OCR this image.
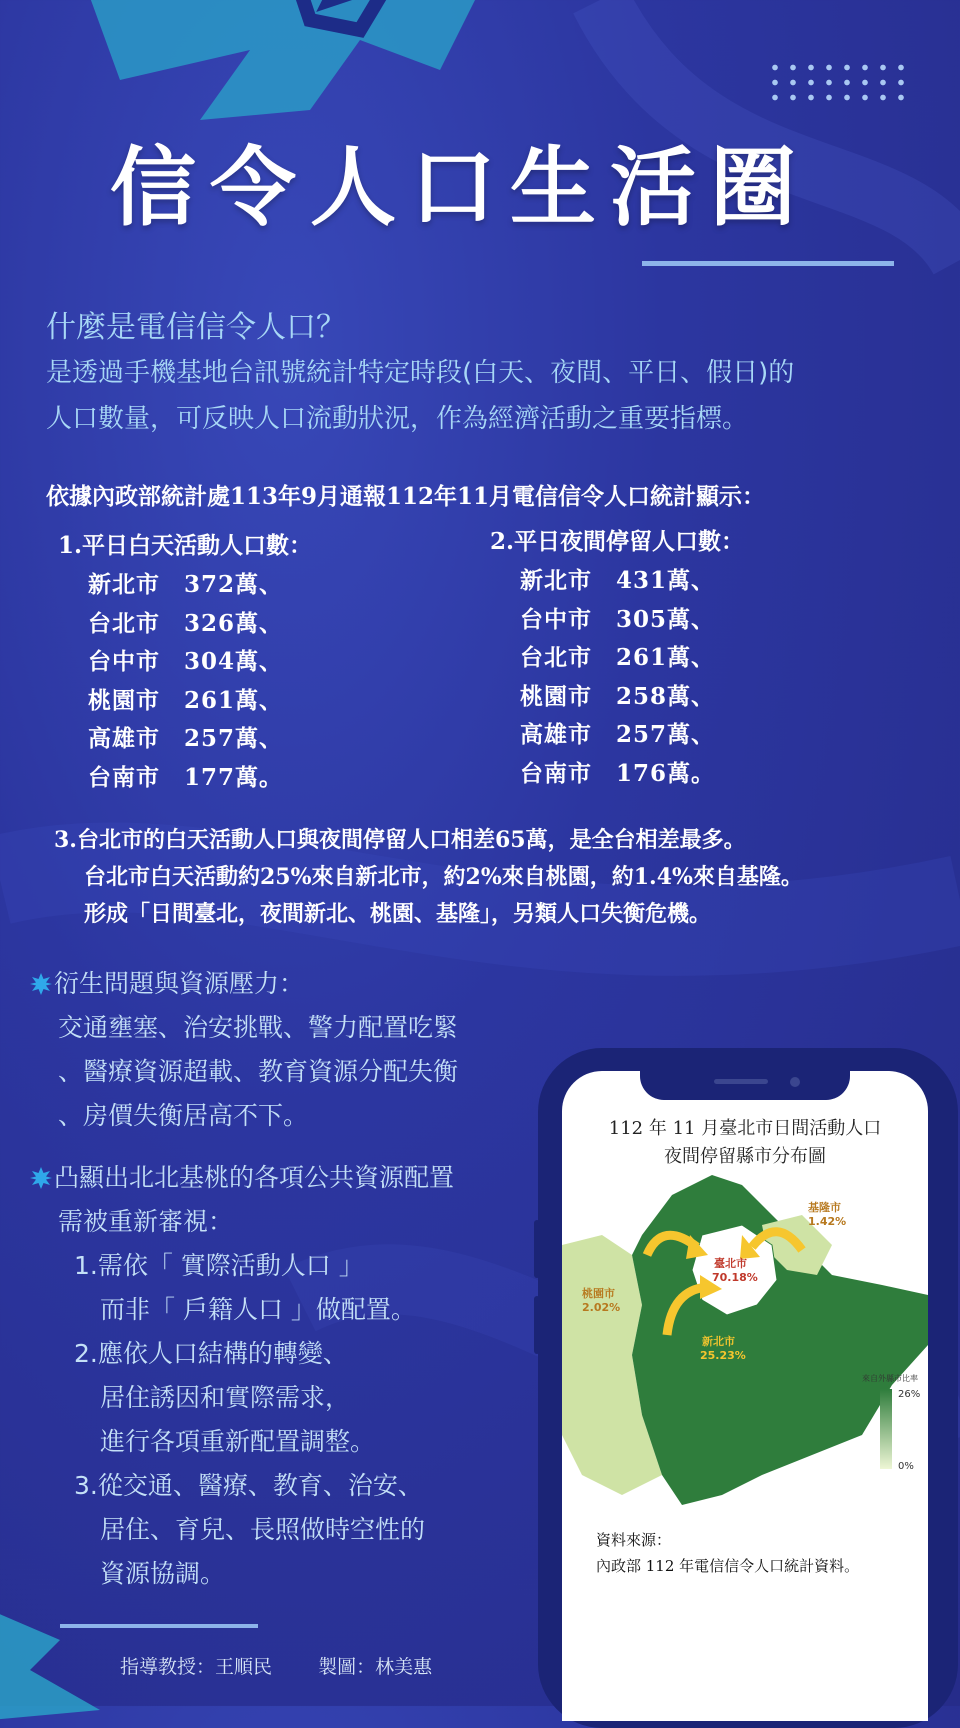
信令人口生活圈
什麼是電信信令人口？
是透過手機基地台訊號統計特定時段(白天、夜間、平日、假日)的
人口數量，可反映人口流動狀況，作為經濟活動之重要指標。
依據內政部統計處113年9月通報112年11月電信信令人口統計顯示：
1.平日白天活動人口數：
新北市	372萬、
台北市	326萬、
台中市	304萬、
桃園市	261萬、
高雄市	257萬、
台南市	177萬。
2.平日夜間停留人口數：
新北市	431萬、
台中市	305萬、
台北市	261萬、
桃園市	258萬、
高雄市	257萬、
台南市	176萬。
3.台北市的白天活動人口與夜間停留人口相差65萬，是全台相差最多。
台北市白天活動約25%來自新北市，約2%來自桃園，約1.4%來自基隆。
形成「日間臺北，夜間新北、桃園、基隆」，另類人口失衡危機。
衍生問題與資源壓力：
交通壅塞、治安挑戰、警力配置吃緊
、醫療資源超載、教育資源分配失衡
、房價失衡居高不下。
凸顯出北北基桃的各項公共資源配置
需被重新審視：
1.需依「 實際活動人口 」
而非「 戶籍人口 」做配置。
2.應依人口結構的轉變、
居住誘因和實際需求，
進行各項重新配置調整。
3.從交通、醫療、教育、治安、
居住、育兒、長照做時空性的
資源協調。
指導教授：王順民 製圖：林美惠
112 年 11 月臺北市日間活動人口
夜間停留縣市分布圖
基隆市
1.42%
臺北市
70.18%
桃園市
2.02%
新北市
25.23%
來自外縣市比率
26%
0%
資料來源：
內政部 112 年電信信令人口統計資料。
